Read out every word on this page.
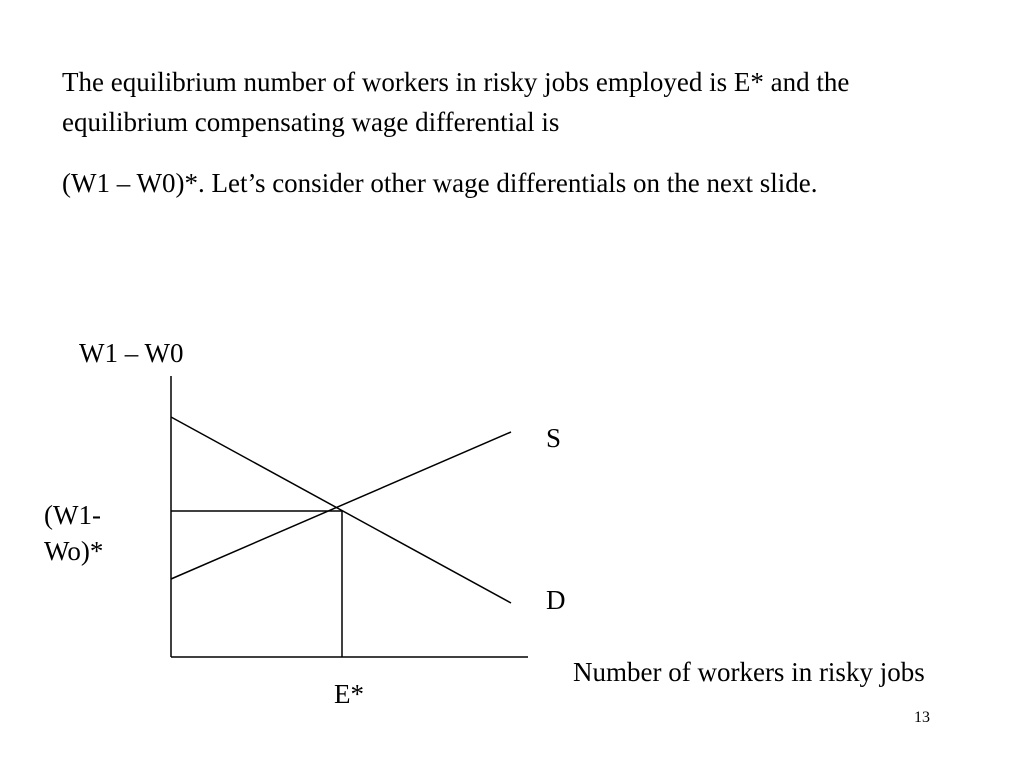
The equilibrium number of workers in risky jobs employed is E* and the equilibrium compensating wage differential is

(W1 – W0)*. Let’s consider other wage differentials on the next slide.

W1 – W0
(W1- Wo)*
S
D
E*
Number of workers in risky jobs
13
